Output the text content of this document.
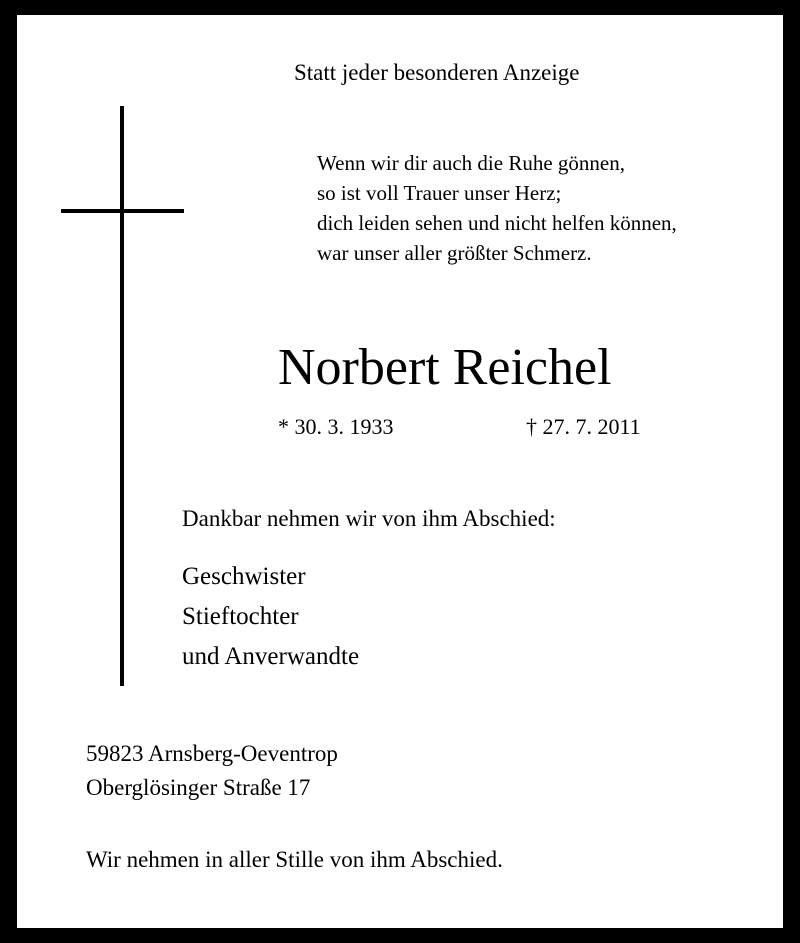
Statt jeder besonderen Anzeige
Wenn wir dir auch die Ruhe gönnen,
so ist voll Trauer unser Herz;
dich leiden sehen und nicht helfen können,
war unser aller größter Schmerz.
Norbert Reichel
* 30. 3. 1933	† 27. 7. 2011
Dankbar nehmen wir von ihm Abschied:
Geschwister
Stieftochter
und Anverwandte
59823 Arnsberg-Oeventrop
Oberglösinger Straße 17
Wir nehmen in aller Stille von ihm Abschied.
